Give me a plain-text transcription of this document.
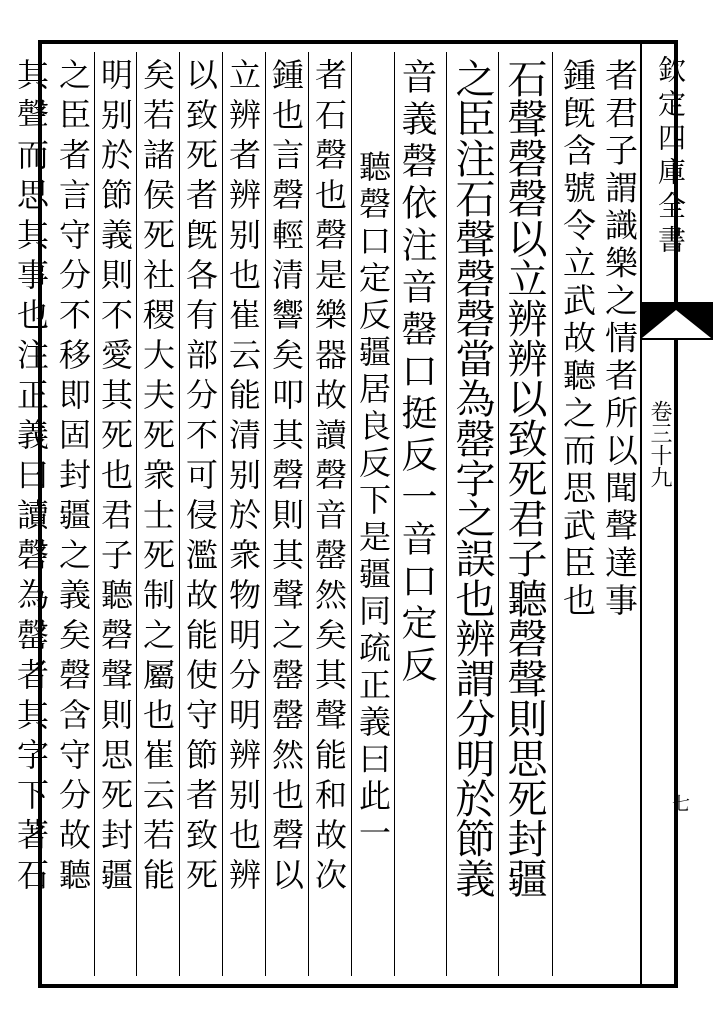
欽定四庫全書
卷三十九
七
者君子謂識樂之情者所以聞聲達事
鍾旣含號令立武故聽之而思武臣也
石聲磬磬以立辨辨以致死君子聽磬聲則思死封疆
之臣注石聲磬磬當為罄字之誤也辨謂分明於節義
音義磬依注音罄口挺反一音口定反
聽磬口定反疆居良反下是疆同疏正義曰此一
者石磬也磬是樂器故讀磬音罄然矣其聲能和故次
鍾也言磬輕清響矣叩其磬則其聲之罄罄然也磬以
立辨者辨别也崔云能清别於衆物明分明辨别也辨
以致死者旣各有部分不可侵濫故能使守節者致死
矣若諸侯死社稷大夫死衆士死制之屬也崔云若能
明别於節義則不愛其死也君子聽磬聲則思死封疆
之臣者言守分不移即固封疆之義矣磬含守分故聽
其聲而思其事也注正義曰讀磬為罄者其字下著石
